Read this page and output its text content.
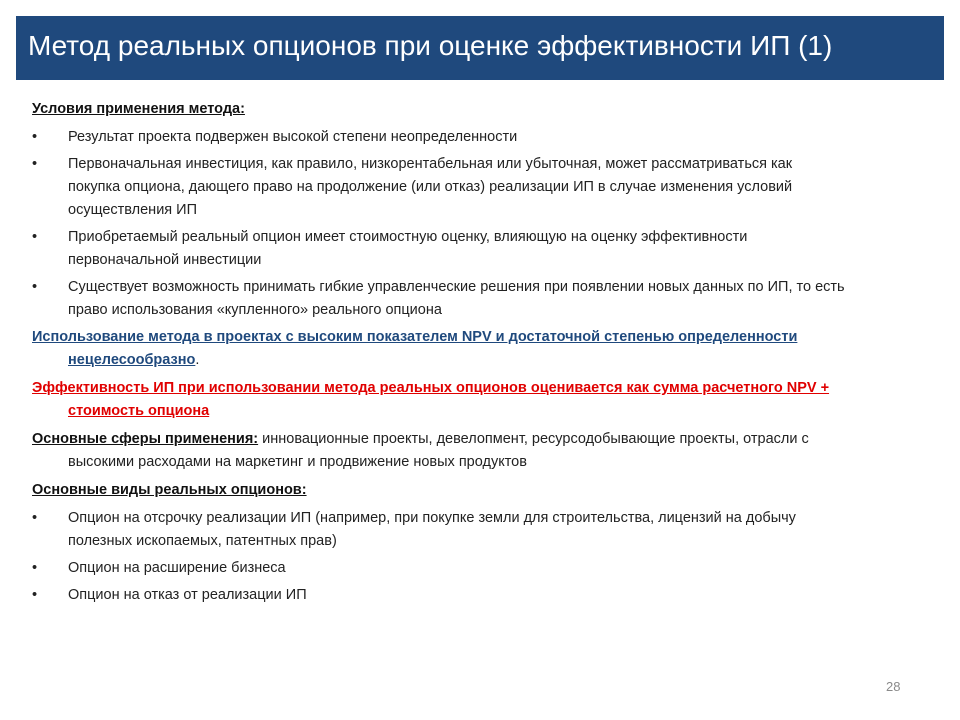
Метод реальных опционов при оценке эффективности ИП (1)
Условия применения метода:
• Результат проекта подвержен высокой степени неопределенности
• Первоначальная инвестиция, как правило, низкорентабельная или убыточная, может рассматриваться как
покупка опциона, дающего право на продолжение (или отказ) реализации ИП в случае изменения условий
осуществления ИП
• Приобретаемый реальный опцион имеет стоимостную оценку, влияющую на оценку эффективности
первоначальной инвестиции
• Существует возможность принимать гибкие управленческие решения при появлении новых данных по ИП, то есть
право использования «купленного» реального опциона
Использование метода в проектах с высоким показателем NPV и достаточной степенью определенности
нецелесообразно.
Эффективность ИП при использовании метода реальных опционов оценивается как сумма расчетного NPV +
стоимость опциона
Основные сферы применения: инновационные проекты, девелопмент, ресурсодобывающие проекты, отрасли с
высокими расходами на маркетинг и продвижение новых продуктов
Основные виды реальных опционов:
• Опцион на отсрочку реализации ИП (например, при покупке земли для строительства, лицензий на добычу
полезных ископаемых, патентных прав)
• Опцион на расширение бизнеса
• Опцион на отказ от реализации ИП
28
